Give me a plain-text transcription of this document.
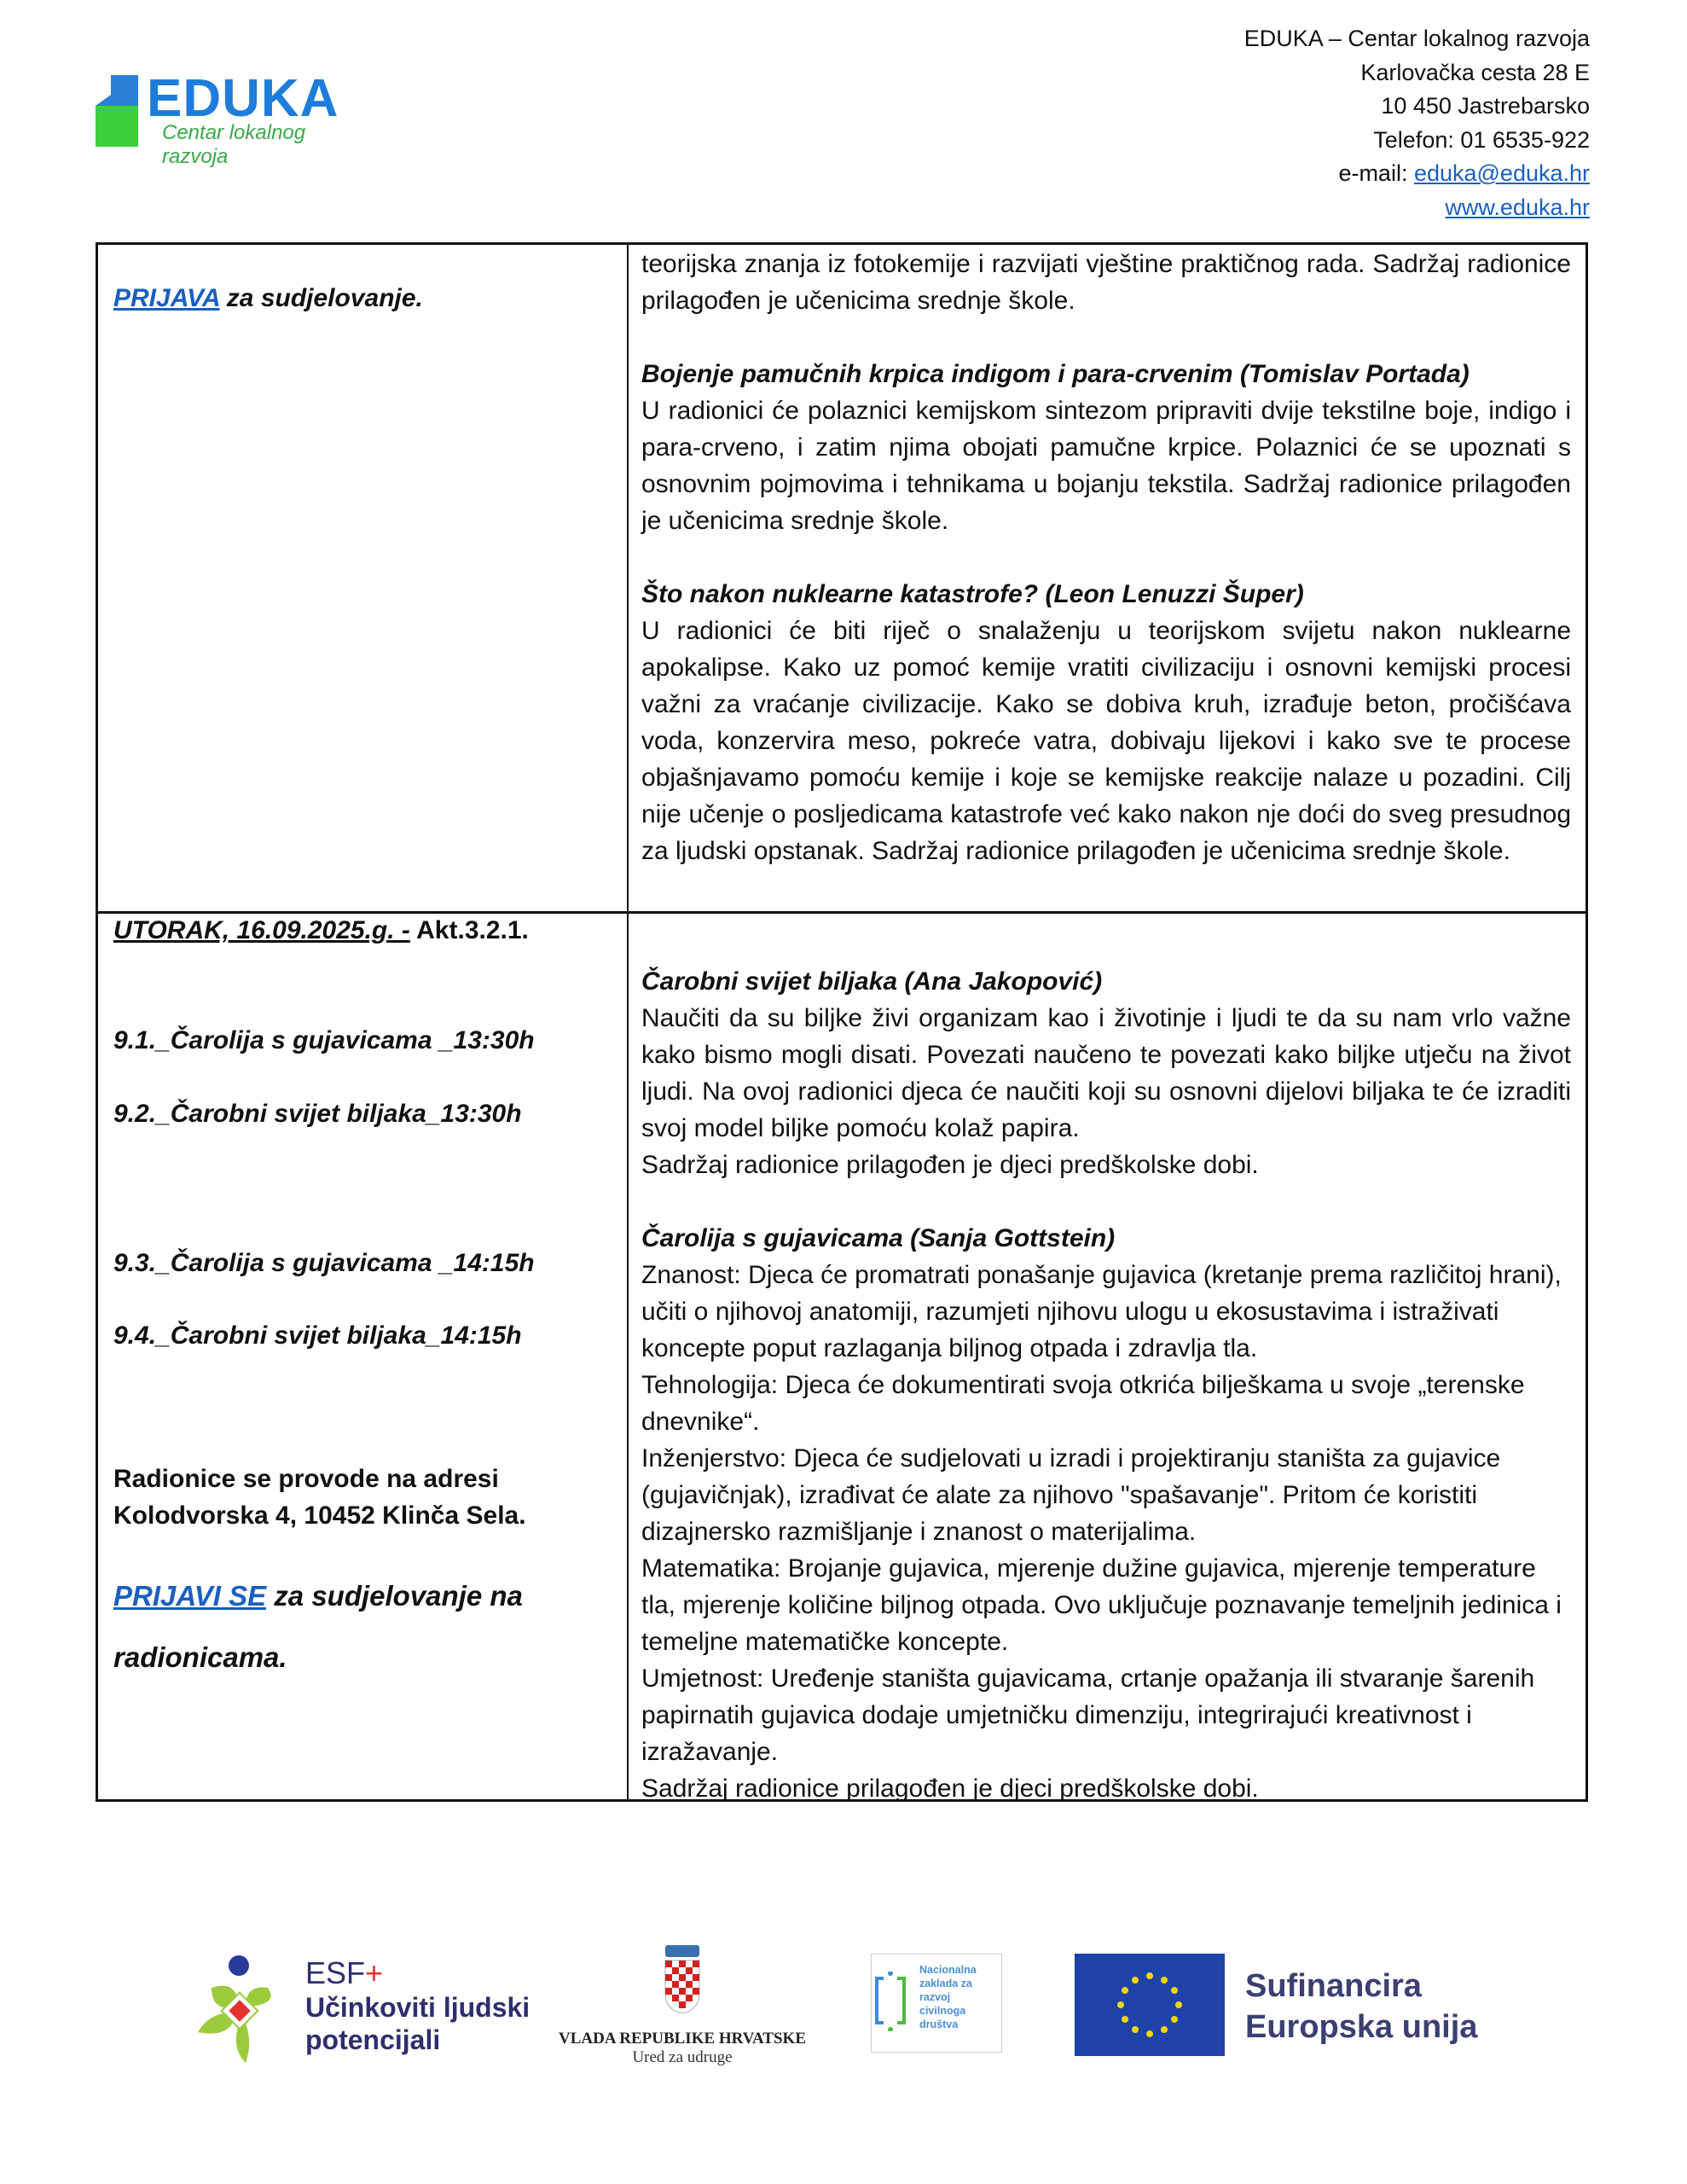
EDUKA
Centar lokalnog razvoja
EDUKA – Centar lokalnog razvoja
Karlovačka cesta 28 E
10 450 Jastrebarsko
Telefon: 01 6535-922
e-mail: eduka@eduka.hr
www.eduka.hr
PRIJAVA za sudjelovanje.

teorijska znanja iz fotokemije i razvijati vještine praktičnog rada. Sadržaj radionice prilagođen je učenicima srednje škole.

Bojenje pamučnih krpica indigom i para-crvenim (Tomislav Portada)

U radionici će polaznici kemijskom sintezom pripraviti dvije tekstilne boje, indigo i para-crveno, i zatim njima obojati pamučne krpice. Polaznici će se upoznati s osnovnim pojmovima i tehnikama u bojanju tekstila. Sadržaj radionice prilagođen je učenicima srednje škole.

Što nakon nuklearne katastrofe? (Leon Lenuzzi Šuper)

U radionici će biti riječ o snalaženju u teorijskom svijetu nakon nuklearne apokalipse. Kako uz pomoć kemije vratiti civilizaciju i osnovni kemijski procesi važni za vraćanje civilizacije. Kako se dobiva kruh, izrađuje beton, pročišćava voda, konzervira meso, pokreće vatra, dobivaju lijekovi i kako sve te procese objašnjavamo pomoću kemije i koje se kemijske reakcije nalaze u pozadini. Cilj nije učenje o posljedicama katastrofe već kako nakon nje doći do sveg presudnog za ljudski opstanak. Sadržaj radionice prilagođen je učenicima srednje škole.

UTORAK, 16.09.2025.g. - Akt.3.2.1.
9.1._Čarolija s gujavicama _13:30h
9.2._Čarobni svijet biljaka_13:30h
9.3._Čarolija s gujavicama _14:15h
9.4._Čarobni svijet biljaka_14:15h
Radionice se provode na adresi
Kolodvorska 4, 10452 Klinča Sela.
PRIJAVI SE za sudjelovanje na
radionicama.

Čarobni svijet biljaka (Ana Jakopović)

Naučiti da su biljke živi organizam kao i životinje i ljudi te da su nam vrlo važne kako bismo mogli disati. Povezati naučeno te povezati kako biljke utječu na život ljudi. Na ovoj radionici djeca će naučiti koji su osnovni dijelovi biljaka te će izraditi svoj model biljke pomoću kolaž papira.

Sadržaj radionice prilagođen je djeci predškolske dobi.

Čarolija s gujavicama (Sanja Gottstein)

Znanost: Djeca će promatrati ponašanje gujavica (kretanje prema različitoj hrani), učiti o njihovoj anatomiji, razumjeti njihovu ulogu u ekosustavima i istraživati koncepte poput razlaganja biljnog otpada i zdravlja tla.

Tehnologija: Djeca će dokumentirati svoja otkrića bilješkama u svoje „terenske dnevnike“.

Inženjerstvo: Djeca će sudjelovati u izradi i projektiranju staništa za gujavice (gujavičnjak), izrađivat će alate za njihovo "spašavanje". Pritom će koristiti dizajnersko razmišljanje i znanost o materijalima.

Matematika: Brojanje gujavica, mjerenje dužine gujavica, mjerenje temperature tla, mjerenje količine biljnog otpada. Ovo uključuje poznavanje temeljnih jedinica i temeljne matematičke koncepte.

Umjetnost: Uređenje staništa gujavicama, crtanje opažanja ili stvaranje šarenih papirnatih gujavica dodaje umjetničku dimenziju, integrirajući kreativnost i izražavanje.

Sadržaj radionice prilagođen je djeci predškolske dobi.

ESF+
Učinkoviti ljudski
potencijali	VLADA REPUBLIKE HRVATSKE
Ured za udruge
Nacionalna
zaklada za
razvoj
civilnoga
društva
Sufinancira
Europska unija
